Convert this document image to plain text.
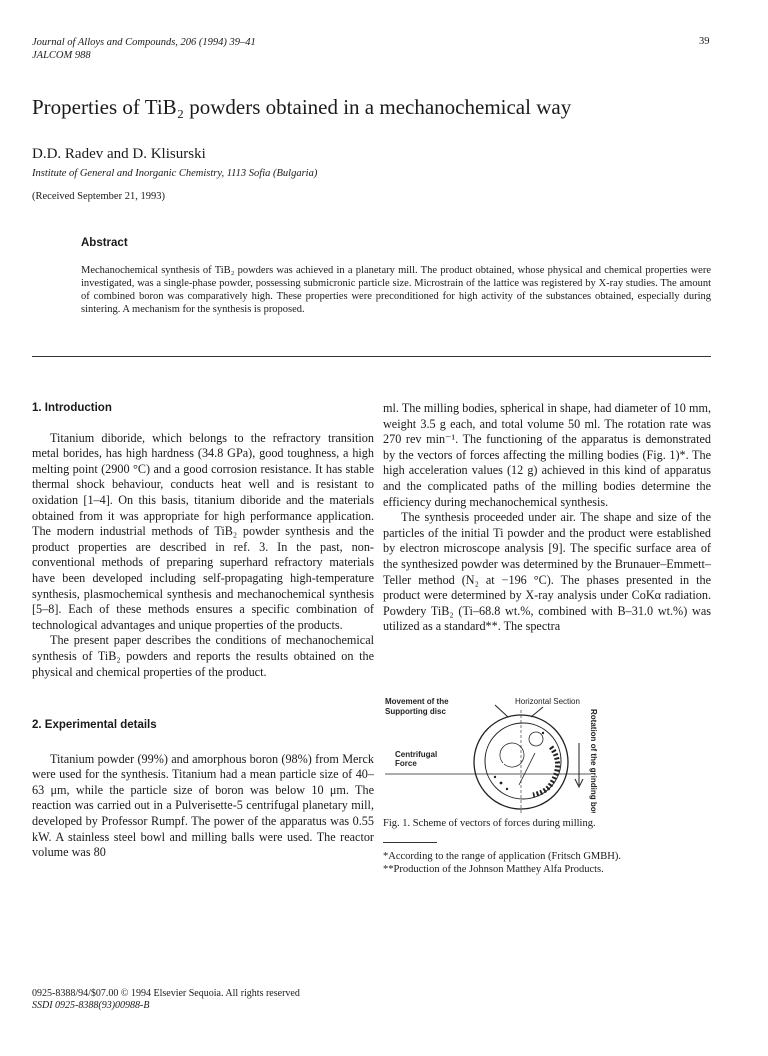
Journal of Alloys and Compounds, 206 (1994) 39–41
JALCOM 988
39
Properties of TiB₂ powders obtained in a mechanochemical way
D.D. Radev and D. Klisurski
Institute of General and Inorganic Chemistry, 1113 Sofia (Bulgaria)
(Received September 21, 1993)
Abstract
Mechanochemical synthesis of TiB₂ powders was achieved in a planetary mill. The product obtained, whose physical and chemical properties were investigated, was a single-phase powder, possessing submicronic particle size. Microstrain of the lattice was registered by X-ray studies. The amount of combined boron was comparatively high. These properties were preconditioned for high activity of the substances obtained, especially during sintering. A mechanism for the synthesis is proposed.
1. Introduction

Titanium diboride, which belongs to the refractory transition metal borides, has high hardness (34.8 GPa), good toughness, a high melting point (2900 °C) and a good corrosion resistance. It has stable thermal shock behaviour, conducts heat well and is resistant to oxidation [1–4]. On this basis, titanium diboride and the materials obtained from it was appropriate for high performance application. The modern industrial methods of TiB₂ powder synthesis and the product properties are described in ref. 3. In the past, non-conventional methods of preparing superhard refractory materials have been developed including self-propagating high-temperature synthesis, plasmochemical synthesis and mechanochemical synthesis [5–8]. Each of these methods ensures a specific combination of technological advantages and unique properties of the products.

The present paper describes the conditions of mechanochemical synthesis of TiB₂ powders and reports the results obtained on the physical and chemical properties of the product.

2. Experimental details

Titanium powder (99%) and amorphous boron (98%) from Merck were used for the synthesis. Titanium had a mean particle size of 40–63 μm, while the particle size of boron was below 10 μm. The reaction was carried out in a Pulverisette-5 centrifugal planetary mill, developed by Professor Rumpf. The power of the apparatus was 0.55 kW. A stainless steel bowl and milling balls were used. The reactor volume was 80

ml. The milling bodies, spherical in shape, had diameter of 10 mm, weight 3.5 g each, and total volume 50 ml. The rotation rate was 270 rev min⁻¹. The functioning of the apparatus is demonstrated by the vectors of forces affecting the milling bodies (Fig. 1)*. The high acceleration values (12 g) achieved in this kind of apparatus and the complicated paths of the milling bodies determine the efficiency during mechanochemical synthesis.

The synthesis proceeded under air. The shape and size of the particles of the initial Ti powder and the product were established by electron microscope analysis [9]. The specific surface area of the synthesized powder was determined by the Brunauer–Emmett–Teller method (N₂ at −196 °C). The phases presented in the product were determined by X-ray analysis under CoKα radiation. Powdery TiB₂ (Ti–68.8 wt.%, combined with B–31.0 wt.%) was utilized as a standard**. The spectra

Movement of the
Supporting disc
Horizontal Section
Centrifugal
Force	Rotation of the grinding bowl
Fig. 1. Scheme of vectors of forces during milling.
*According to the range of application (Fritsch GMBH).
**Production of the Johnson Matthey Alfa Products.
0925-8388/94/$07.00 © 1994 Elsevier Sequoia. All rights reserved
SSDI 0925-8388(93)00988-B
